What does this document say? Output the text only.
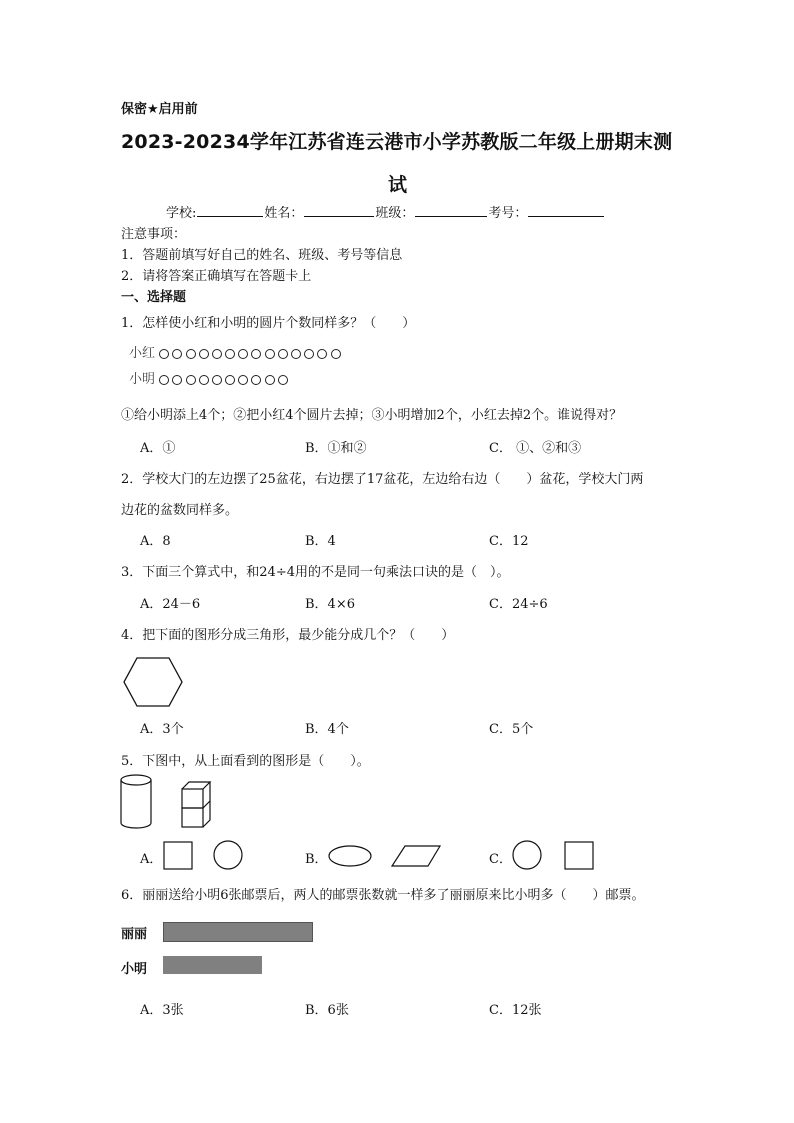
保密★启用前
2023-20234学年江苏省连云港市小学苏教版二年级上册期末测
试
学校:	姓名：	班级：	考号：
注意事项：
1．答题前填写好自己的姓名、班级、考号等信息
2．请将答案正确填写在答题卡上
一、选择题
1．怎样使小红和小明的圆片个数同样多？（　　）
小红
小明
①给小明添上4个；②把小红4个圆片去掉；③小明增加2个，小红去掉2个。谁说得对？
A．①	B．①和②	C． ①、②和③
2．学校大门的左边摆了25盆花，右边摆了17盆花，左边给右边（　　）盆花，学校大门两
边花的盆数同样多。
A．8	B．4	C．12
3．下面三个算式中，和24÷4用的不是同一句乘法口诀的是（　）。
A．24－6	B．4×6	C．24÷6
4．把下面的图形分成三角形，最少能分成几个？（　　）
A．3个	B．4个	C．5个
5．下图中，从上面看到的图形是（　　）。
A．	B．	C．
6．丽丽送给小明6张邮票后，两人的邮票张数就一样多了丽丽原来比小明多（　　）邮票。
丽丽
小明
A．3张	B．6张	C．12张
